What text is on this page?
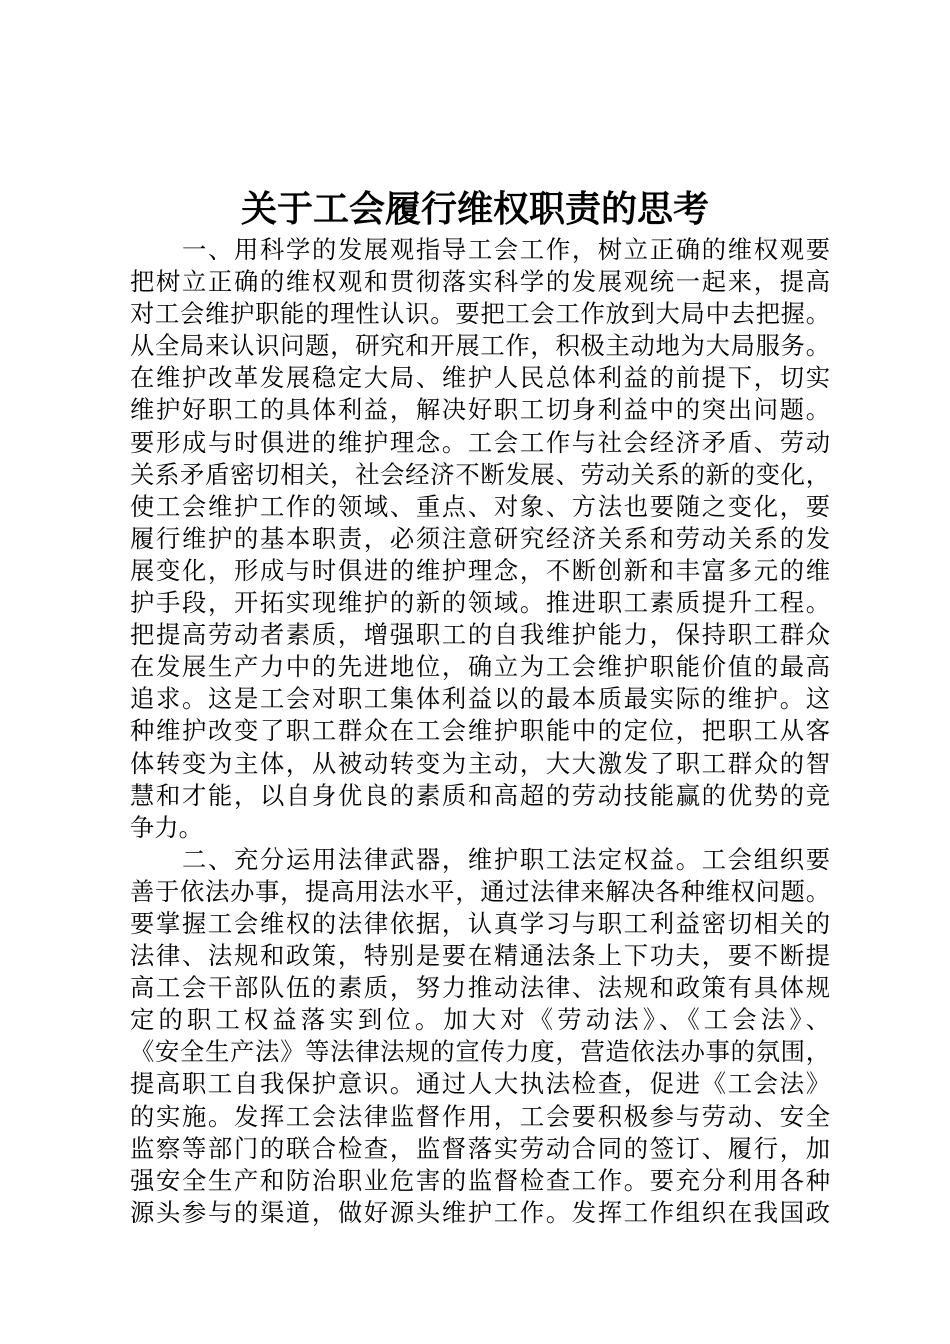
关于工会履行维权职责的思考
一、用科学的发展观指导工会工作，树立正确的维权观要
把树立正确的维权观和贯彻落实科学的发展观统一起来，提高
对工会维护职能的理性认识。要把工会工作放到大局中去把握。
从全局来认识问题，研究和开展工作，积极主动地为大局服务。
在维护改革发展稳定大局、维护人民总体利益的前提下，切实
维护好职工的具体利益，解决好职工切身利益中的突出问题。
要形成与时俱进的维护理念。工会工作与社会经济矛盾、劳动
关系矛盾密切相关，社会经济不断发展、劳动关系的新的变化，
使工会维护工作的领域、重点、对象、方法也要随之变化，要
履行维护的基本职责，必须注意研究经济关系和劳动关系的发
展变化，形成与时俱进的维护理念，不断创新和丰富多元的维
护手段，开拓实现维护的新的领域。推进职工素质提升工程。
把提高劳动者素质，增强职工的自我维护能力，保持职工群众
在发展生产力中的先进地位，确立为工会维护职能价值的最高
追求。这是工会对职工集体利益以的最本质最实际的维护。这
种维护改变了职工群众在工会维护职能中的定位，把职工从客
体转变为主体，从被动转变为主动，大大激发了职工群众的智
慧和才能，以自身优良的素质和高超的劳动技能赢的优势的竞
争力。
二、充分运用法律武器，维护职工法定权益。工会组织要
善于依法办事，提高用法水平，通过法律来解决各种维权问题。
要掌握工会维权的法律依据，认真学习与职工利益密切相关的
法律、法规和政策，特别是要在精通法条上下功夫，要不断提
高工会干部队伍的素质，努力推动法律、法规和政策有具体规
定的职工权益落实到位。加大对《劳动法》、《工会法》、
《安全生产法》等法律法规的宣传力度，营造依法办事的氛围，
提高职工自我保护意识。通过人大执法检查，促进《工会法》
的实施。发挥工会法律监督作用，工会要积极参与劳动、安全
监察等部门的联合检查，监督落实劳动合同的签订、履行，加
强安全生产和防治职业危害的监督检查工作。要充分利用各种
源头参与的渠道，做好源头维护工作。发挥工作组织在我国政
